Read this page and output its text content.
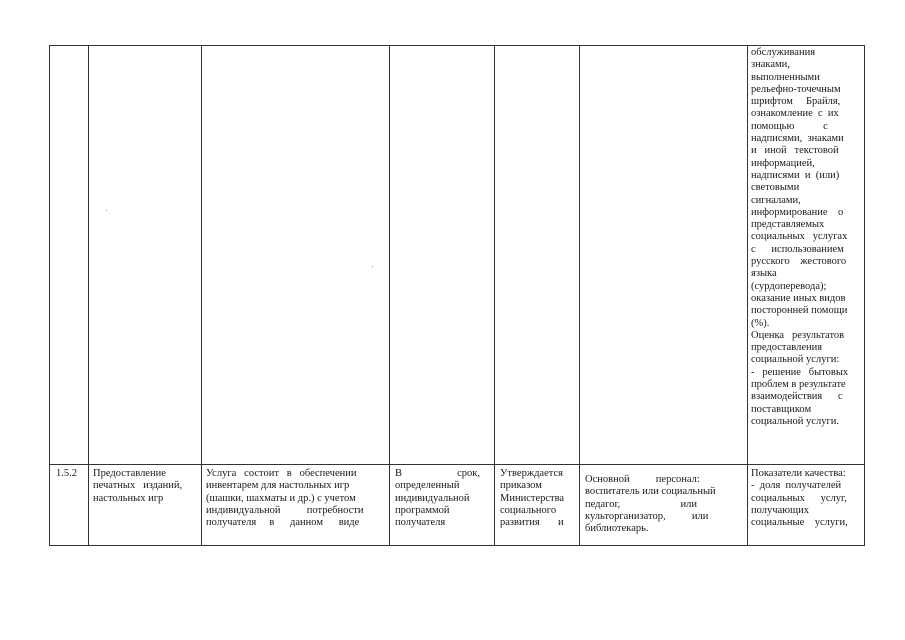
обслуживания
знаками,
выполненными
рельефно-точечным
шрифтом     Брайля,
ознакомление  с  их
помощью           с
надписями,  знаками
и   иной   текстовой
информацией,
надписями  и  (или)
световыми
сигналами,
информирование    о
представляемых
социальных   услугах
с      использованием
русского    жестового
языка
(сурдоперевода);
оказание иных видов
посторонней помощи
(%).
Оценка   результатов
предоставления
социальной услуги:
-   решение   бытовых
проблем в результате
взаимодействия      с
поставщиком
социальной услуги.
1.5.2 Предоставление
печатных   изданий,
настольных игр
Услуга   состоит   в   обеспечении
инвентарем для настольных игр
(шашки, шахматы и др.) с учетом
индивидуальной          потребности
получателя     в      данном      виде
В                     срок,
определенный
индивидуальной
программой
получателя
Утверждается
приказом
Министерства
социального
развития       и
Основной          персонал:
воспитатель или социальный
педагог,                       или
культорганизатор,          или
библиотекарь.
Показатели качества:
-  доля  получателей
социальных      услуг,
получающих
социальные    услуги,
